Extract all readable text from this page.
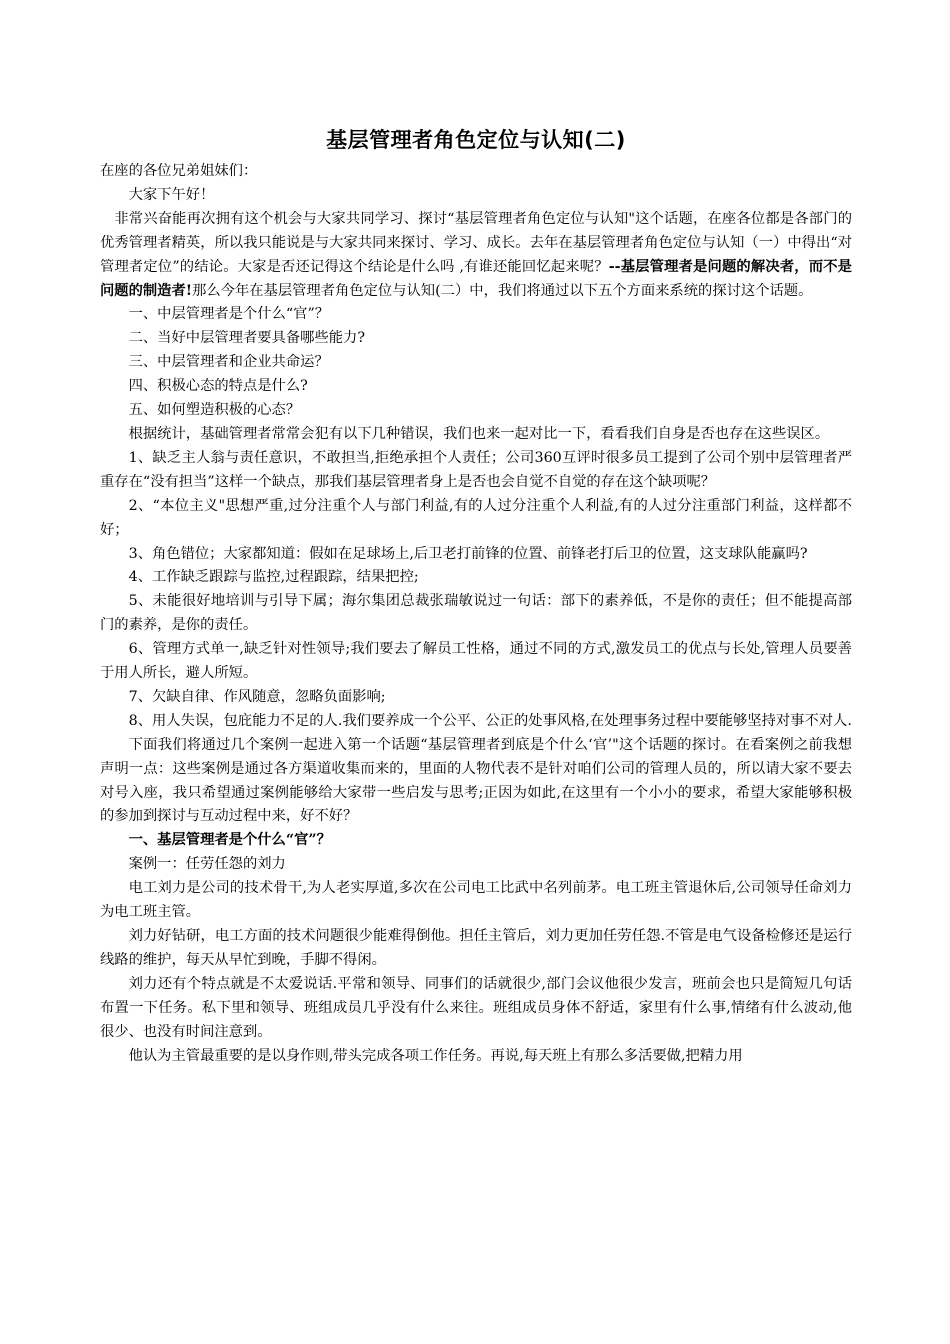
基层管理者角色定位与认知(二)

在座的各位兄弟姐妹们：

大家下午好！

非常兴奋能再次拥有这个机会与大家共同学习、探讨“基层管理者角色定位与认知"这个话题，在座各位都是各部门的优秀管理者精英，所以我只能说是与大家共同来探讨、学习、成长。去年在基层管理者角色定位与认知（一）中得出“对管理者定位”的结论。大家是否还记得这个结论是什么吗 ,有谁还能回忆起来呢？--基层管理者是问题的解决者，而不是问题的制造者!那么今年在基层管理者角色定位与认知(二）中，我们将通过以下五个方面来系统的探讨这个话题。

一、中层管理者是个什么“官”？

二、当好中层管理者要具备哪些能力?

三、中层管理者和企业共命运？

四、积极心态的特点是什么?

五、如何塑造积极的心态？

根据统计，基础管理者常常会犯有以下几种错误，我们也来一起对比一下，看看我们自身是否也存在这些误区。

1、缺乏主人翁与责任意识，不敢担当,拒绝承担个人责任；公司360互评时很多员工提到了公司个别中层管理者严重存在“没有担当”这样一个缺点，那我们基层管理者身上是否也会自觉不自觉的存在这个缺项呢？

2、“本位主义"思想严重,过分注重个人与部门利益,有的人过分注重个人利益,有的人过分注重部门利益，这样都不好；

3、角色错位；大家都知道：假如在足球场上,后卫老打前锋的位置、前锋老打后卫的位置，这支球队能赢吗?

4、工作缺乏跟踪与监控,过程跟踪，结果把控;

5、未能很好地培训与引导下属；海尔集团总裁张瑞敏说过一句话：部下的素养低，不是你的责任；但不能提高部门的素养，是你的责任。

6、管理方式单一,缺乏针对性领导;我们要去了解员工性格，通过不同的方式,激发员工的优点与长处,管理人员要善于用人所长，避人所短。

7、欠缺自律、作风随意，忽略负面影响;

8、用人失误，包庇能力不足的人.我们要养成一个公平、公正的处事风格,在处理事务过程中要能够坚持对事不对人.

下面我们将通过几个案例一起进入第一个话题“基层管理者到底是个什么‘官’"这个话题的探讨。在看案例之前我想声明一点：这些案例是通过各方渠道收集而来的，里面的人物代表不是针对咱们公司的管理人员的，所以请大家不要去对号入座，我只希望通过案例能够给大家带一些启发与思考;正因为如此,在这里有一个小小的要求，希望大家能够积极的参加到探讨与互动过程中来，好不好？

一、基层管理者是个什么“官”？

案例一：任劳任怨的刘力

电工刘力是公司的技术骨干,为人老实厚道,多次在公司电工比武中名列前茅。电工班主管退休后,公司领导任命刘力为电工班主管。

刘力好钻研，电工方面的技术问题很少能难得倒他。担任主管后，刘力更加任劳任怨.不管是电气设备检修还是运行线路的维护，每天从早忙到晚，手脚不得闲。

刘力还有个特点就是不太爱说话.平常和领导、同事们的话就很少,部门会议他很少发言，班前会也只是简短几句话布置一下任务。私下里和领导、班组成员几乎没有什么来往。班组成员身体不舒适，家里有什么事,情绪有什么波动,他很少、也没有时间注意到。

他认为主管最重要的是以身作则,带头完成各项工作任务。再说,每天班上有那么多活要做,把精力用
